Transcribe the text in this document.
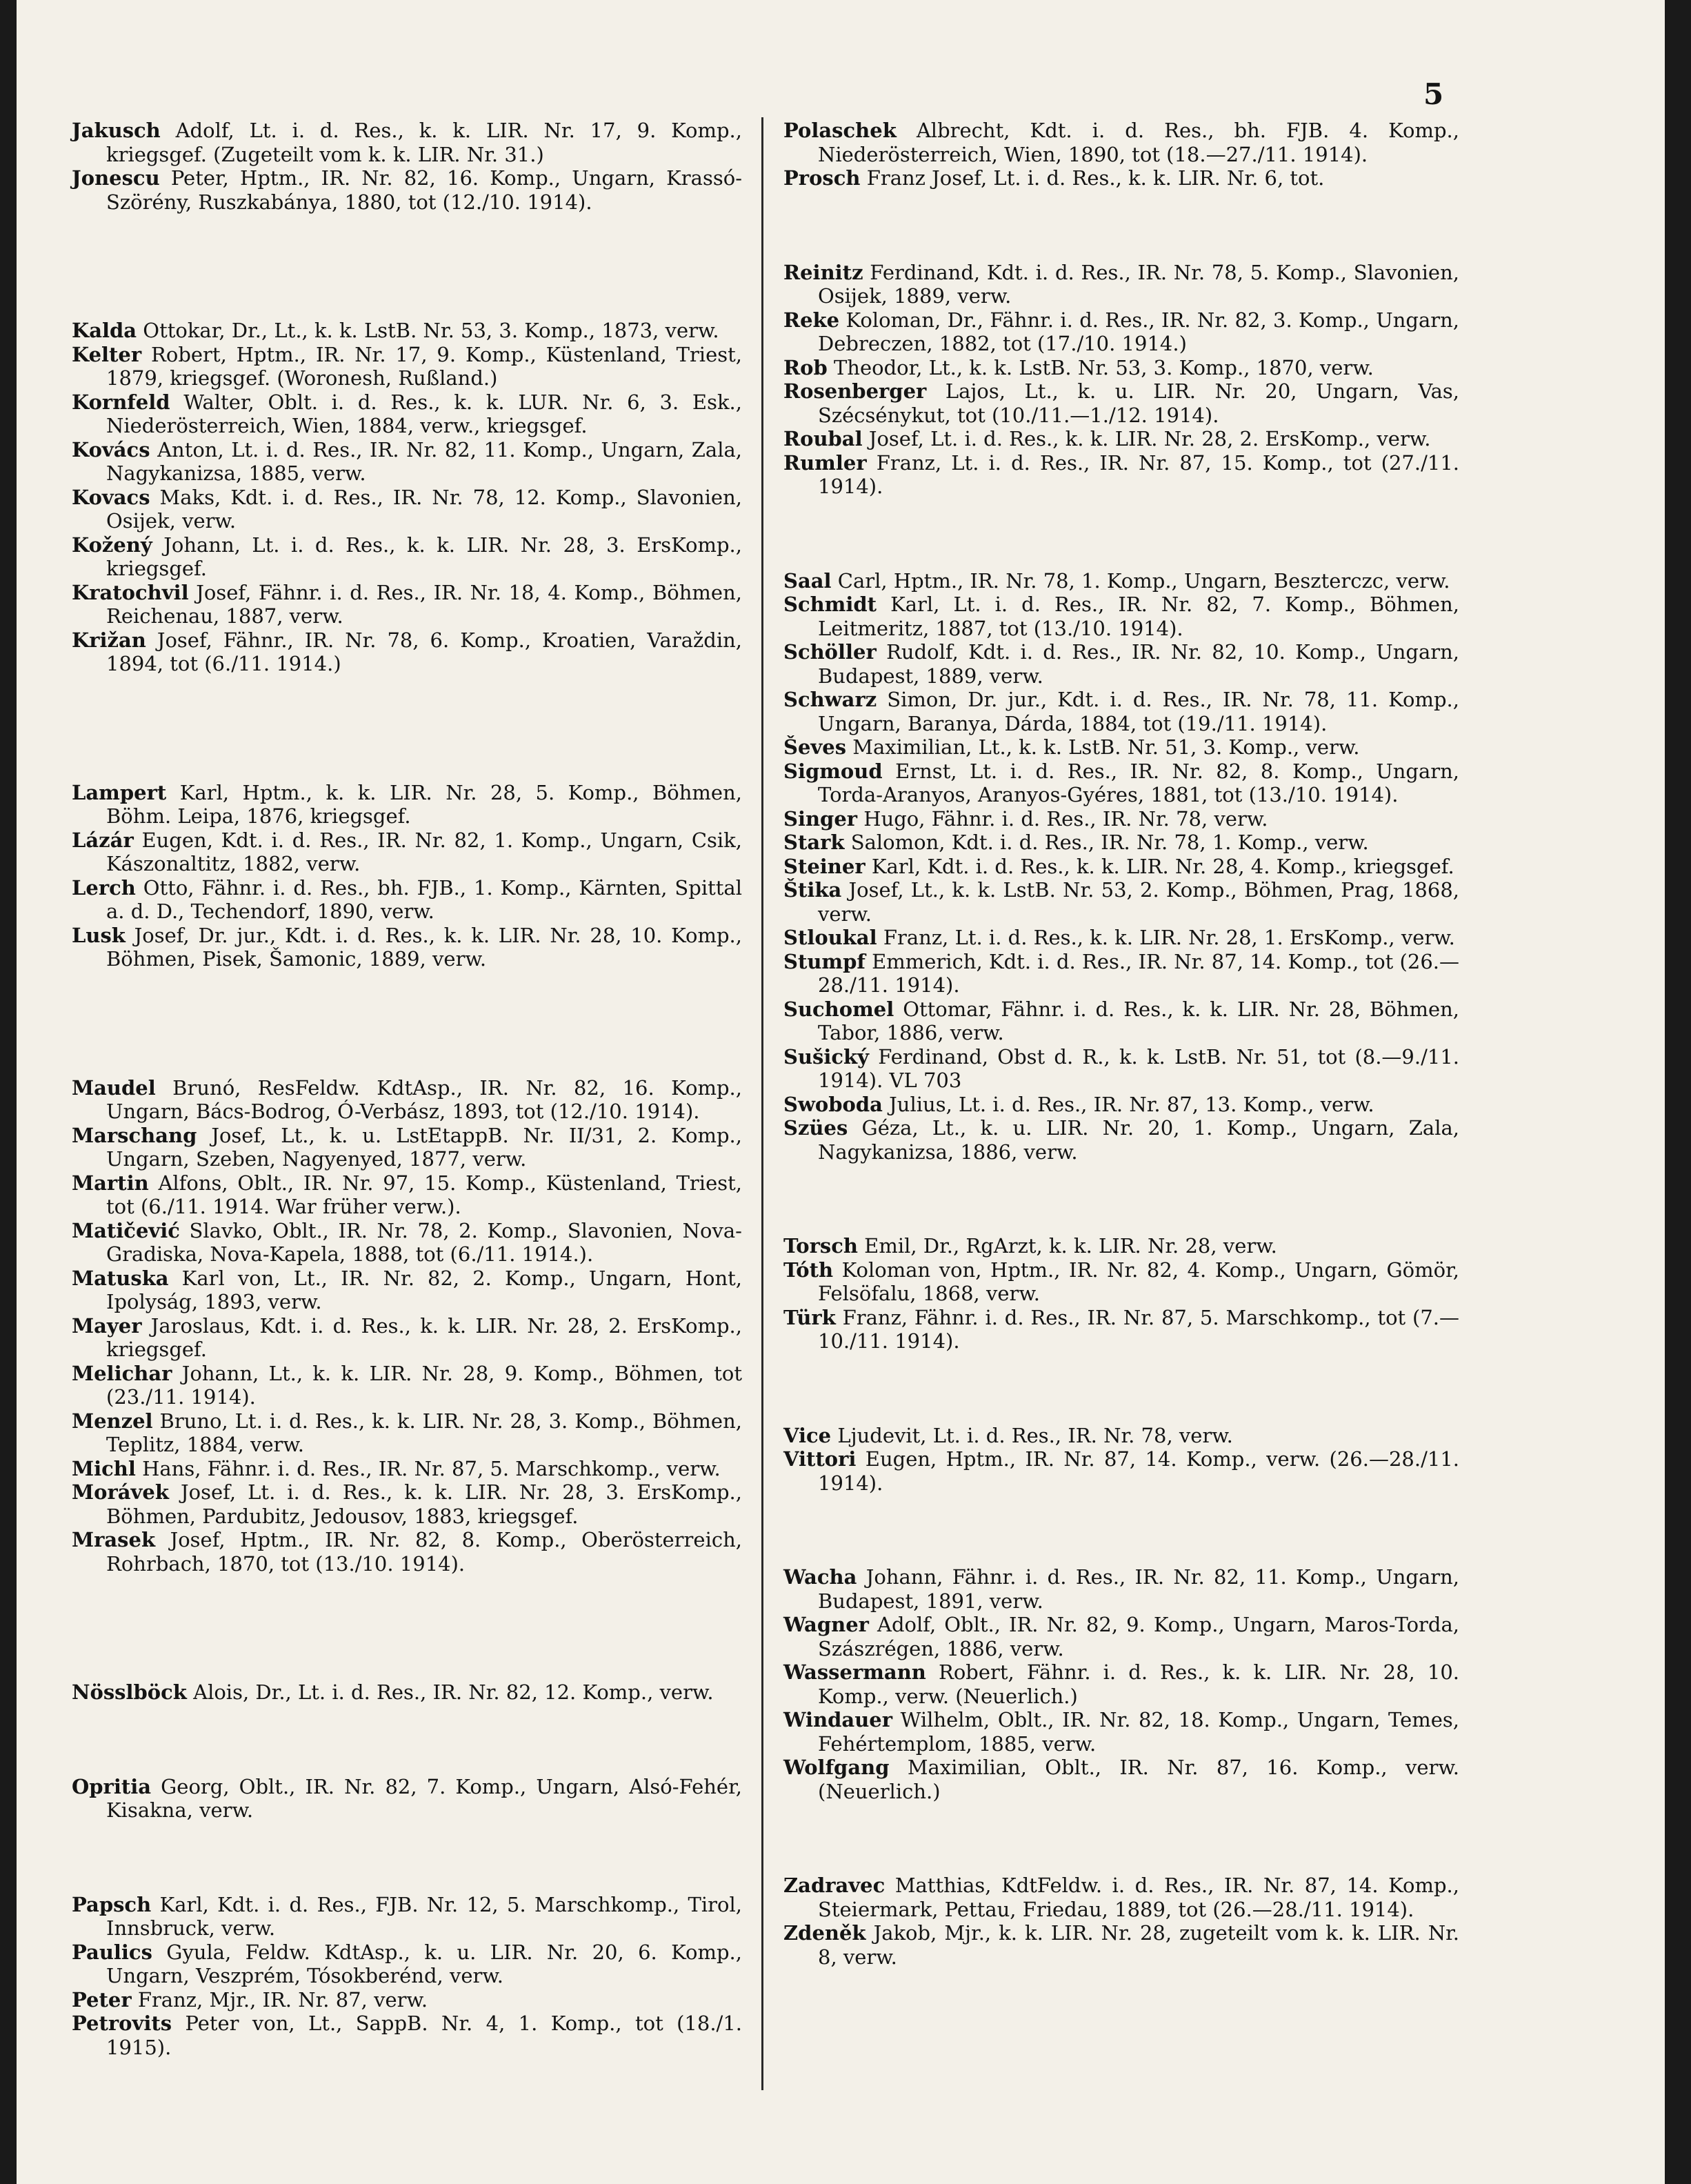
5

Jakusch Adolf, Lt. i. d. Res., k. k. LIR. Nr. 17, 9. Komp., kriegsgef. (Zugeteilt vom k. k. LIR. Nr. 31.)

Jonescu Peter, Hptm., IR. Nr. 82, 16. Komp., Ungarn, Krassó-Szörény, Ruszkabánya, 1880, tot (12./10. 1914).

Kalda Ottokar, Dr., Lt., k. k. LstB. Nr. 53, 3. Komp., 1873, verw.

Kelter Robert, Hptm., IR. Nr. 17, 9. Komp., Küstenland, Triest, 1879, kriegsgef. (Woronesh, Rußland.)

Kornfeld Walter, Oblt. i. d. Res., k. k. LUR. Nr. 6, 3. Esk., Niederösterreich, Wien, 1884, verw., kriegsgef.

Kovács Anton, Lt. i. d. Res., IR. Nr. 82, 11. Komp., Ungarn, Zala, Nagykanizsa, 1885, verw.

Kovacs Maks, Kdt. i. d. Res., IR. Nr. 78, 12. Komp., Slavonien, Osijek, verw.

Kožený Johann, Lt. i. d. Res., k. k. LIR. Nr. 28, 3. ErsKomp., kriegsgef.

Kratochvil Josef, Fähnr. i. d. Res., IR. Nr. 18, 4. Komp., Böhmen, Reichenau, 1887, verw.

Križan Josef, Fähnr., IR. Nr. 78, 6. Komp., Kroatien, Varaždin, 1894, tot (6./11. 1914.)

Lampert Karl, Hptm., k. k. LIR. Nr. 28, 5. Komp., Böhmen, Böhm. Leipa, 1876, kriegsgef.

Lázár Eugen, Kdt. i. d. Res., IR. Nr. 82, 1. Komp., Ungarn, Csik, Kászonaltitz, 1882, verw.

Lerch Otto, Fähnr. i. d. Res., bh. FJB., 1. Komp., Kärnten, Spittal a. d. D., Techendorf, 1890, verw.

Lusk Josef, Dr. jur., Kdt. i. d. Res., k. k. LIR. Nr. 28, 10. Komp., Böhmen, Pisek, Šamonic, 1889, verw.

Maudel Brunó, ResFeldw. KdtAsp., IR. Nr. 82, 16. Komp., Ungarn, Bács-Bodrog, Ó-Verbász, 1893, tot (12./10. 1914).

Marschang Josef, Lt., k. u. LstEtappB. Nr. II/31, 2. Komp., Ungarn, Szeben, Nagyenyed, 1877, verw.

Martin Alfons, Oblt., IR. Nr. 97, 15. Komp., Küstenland, Triest, tot (6./11. 1914. War früher verw.).

Matičević Slavko, Oblt., IR. Nr. 78, 2. Komp., Slavonien, Nova-Gradiska, Nova-Kapela, 1888, tot (6./11. 1914.).

Matuska Karl von, Lt., IR. Nr. 82, 2. Komp., Ungarn, Hont, Ipolyság, 1893, verw.

Mayer Jaroslaus, Kdt. i. d. Res., k. k. LIR. Nr. 28, 2. ErsKomp., kriegsgef.

Melichar Johann, Lt., k. k. LIR. Nr. 28, 9. Komp., Böhmen, tot (23./11. 1914).

Menzel Bruno, Lt. i. d. Res., k. k. LIR. Nr. 28, 3. Komp., Böhmen, Teplitz, 1884, verw.

Michl Hans, Fähnr. i. d. Res., IR. Nr. 87, 5. Marschkomp., verw.

Morávek Josef, Lt. i. d. Res., k. k. LIR. Nr. 28, 3. ErsKomp., Böhmen, Pardubitz, Jedousov, 1883, kriegsgef.

Mrasek Josef, Hptm., IR. Nr. 82, 8. Komp., Oberösterreich, Rohrbach, 1870, tot (13./10. 1914).

Nösslböck Alois, Dr., Lt. i. d. Res., IR. Nr. 82, 12. Komp., verw.

Opritia Georg, Oblt., IR. Nr. 82, 7. Komp., Ungarn, Alsó-Fehér, Kisakna, verw.

Papsch Karl, Kdt. i. d. Res., FJB. Nr. 12, 5. Marschkomp., Tirol, Innsbruck, verw.

Paulics Gyula, Feldw. KdtAsp., k. u. LIR. Nr. 20, 6. Komp., Ungarn, Veszprém, Tósokberénd, verw.

Peter Franz, Mjr., IR. Nr. 87, verw.

Petrovits Peter von, Lt., SappB. Nr. 4, 1. Komp., tot (18./1. 1915).

Polaschek Albrecht, Kdt. i. d. Res., bh. FJB. 4. Komp., Niederösterreich, Wien, 1890, tot (18.—27./11. 1914).

Prosch Franz Josef, Lt. i. d. Res., k. k. LIR. Nr. 6, tot.

Reinitz Ferdinand, Kdt. i. d. Res., IR. Nr. 78, 5. Komp., Slavonien, Osijek, 1889, verw.

Reke Koloman, Dr., Fähnr. i. d. Res., IR. Nr. 82, 3. Komp., Ungarn, Debreczen, 1882, tot (17./10. 1914.)

Rob Theodor, Lt., k. k. LstB. Nr. 53, 3. Komp., 1870, verw.

Rosenberger Lajos, Lt., k. u. LIR. Nr. 20, Ungarn, Vas, Szécsénykut, tot (10./11.—1./12. 1914).

Roubal Josef, Lt. i. d. Res., k. k. LIR. Nr. 28, 2. ErsKomp., verw.

Rumler Franz, Lt. i. d. Res., IR. Nr. 87, 15. Komp., tot (27./11. 1914).

Saal Carl, Hptm., IR. Nr. 78, 1. Komp., Ungarn, Beszterczc, verw.

Schmidt Karl, Lt. i. d. Res., IR. Nr. 82, 7. Komp., Böhmen, Leitmeritz, 1887, tot (13./10. 1914).

Schöller Rudolf, Kdt. i. d. Res., IR. Nr. 82, 10. Komp., Ungarn, Budapest, 1889, verw.

Schwarz Simon, Dr. jur., Kdt. i. d. Res., IR. Nr. 78, 11. Komp., Ungarn, Baranya, Dárda, 1884, tot (19./11. 1914).

Ševes Maximilian, Lt., k. k. LstB. Nr. 51, 3. Komp., verw.

Sigmoud Ernst, Lt. i. d. Res., IR. Nr. 82, 8. Komp., Ungarn, Torda-Aranyos, Aranyos-Gyéres, 1881, tot (13./10. 1914).

Singer Hugo, Fähnr. i. d. Res., IR. Nr. 78, verw.

Stark Salomon, Kdt. i. d. Res., IR. Nr. 78, 1. Komp., verw.

Steiner Karl, Kdt. i. d. Res., k. k. LIR. Nr. 28, 4. Komp., kriegsgef.

Štika Josef, Lt., k. k. LstB. Nr. 53, 2. Komp., Böhmen, Prag, 1868, verw.

Stloukal Franz, Lt. i. d. Res., k. k. LIR. Nr. 28, 1. ErsKomp., verw.

Stumpf Emmerich, Kdt. i. d. Res., IR. Nr. 87, 14. Komp., tot (26.—28./11. 1914).

Suchomel Ottomar, Fähnr. i. d. Res., k. k. LIR. Nr. 28, Böhmen, Tabor, 1886, verw.

Sušický Ferdinand, Obst d. R., k. k. LstB. Nr. 51, tot (8.—9./11. 1914). VL 703

Swoboda Julius, Lt. i. d. Res., IR. Nr. 87, 13. Komp., verw.

Szües Géza, Lt., k. u. LIR. Nr. 20, 1. Komp., Ungarn, Zala, Nagykanizsa, 1886, verw.

Torsch Emil, Dr., RgArzt, k. k. LIR. Nr. 28, verw.

Tóth Koloman von, Hptm., IR. Nr. 82, 4. Komp., Ungarn, Gömör, Felsöfalu, 1868, verw.

Türk Franz, Fähnr. i. d. Res., IR. Nr. 87, 5. Marschkomp., tot (7.—10./11. 1914).

Vice Ljudevit, Lt. i. d. Res., IR. Nr. 78, verw.

Vittori Eugen, Hptm., IR. Nr. 87, 14. Komp., verw. (26.—28./11. 1914).

Wacha Johann, Fähnr. i. d. Res., IR. Nr. 82, 11. Komp., Ungarn, Budapest, 1891, verw.

Wagner Adolf, Oblt., IR. Nr. 82, 9. Komp., Ungarn, Maros-Torda, Szászrégen, 1886, verw.

Wassermann Robert, Fähnr. i. d. Res., k. k. LIR. Nr. 28, 10. Komp., verw. (Neuerlich.)

Windauer Wilhelm, Oblt., IR. Nr. 82, 18. Komp., Ungarn, Temes, Fehértemplom, 1885, verw.

Wolfgang Maximilian, Oblt., IR. Nr. 87, 16. Komp., verw. (Neuerlich.)

Zadravec Matthias, KdtFeldw. i. d. Res., IR. Nr. 87, 14. Komp., Steiermark, Pettau, Friedau, 1889, tot (26.—28./11. 1914).

Zdeněk Jakob, Mjr., k. k. LIR. Nr. 28, zugeteilt vom k. k. LIR. Nr. 8, verw.
